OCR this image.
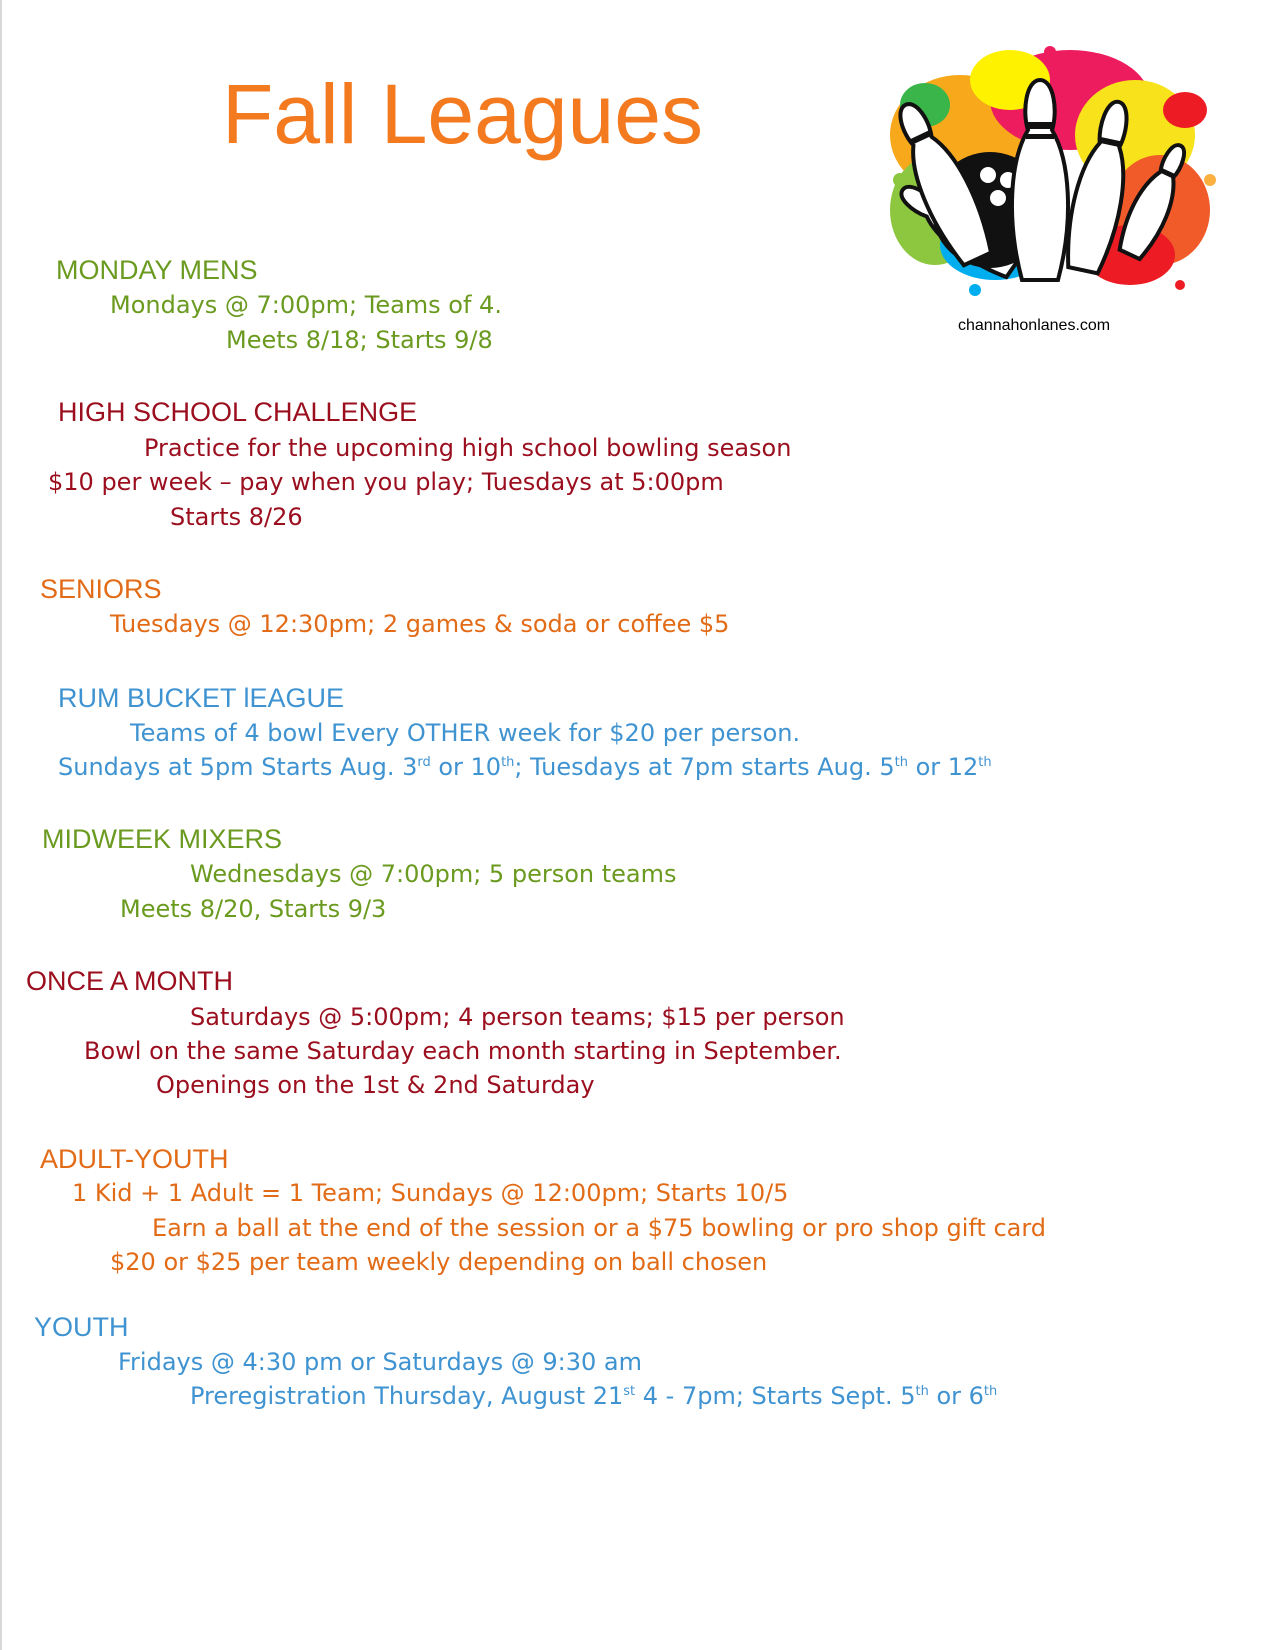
Fall Leagues
channahonlanes.com
MONDAY MENS
Mondays @ 7:00pm; Teams of 4.
Meets 8/18; Starts 9/8
HIGH SCHOOL CHALLENGE
Practice for the upcoming high school bowling season
$10 per week – pay when you play; Tuesdays at 5:00pm
Starts 8/26
SENIORS
Tuesdays @ 12:30pm; 2 games & soda or coffee $5
RUM BUCKET lEAGUE
Teams of 4 bowl Every OTHER week for $20 per person.
Sundays at 5pm Starts Aug. 3rd or 10th; Tuesdays at 7pm starts Aug. 5th or 12th
MIDWEEK MIXERS
Wednesdays @ 7:00pm; 5 person teams
Meets 8/20, Starts 9/3
ONCE A MONTH
Saturdays @ 5:00pm; 4 person teams; $15 per person
Bowl on the same Saturday each month starting in September.
Openings on the 1st & 2nd Saturday
ADULT-YOUTH
1 Kid + 1 Adult = 1 Team; Sundays @ 12:00pm; Starts 10/5
Earn a ball at the end of the session or a $75 bowling or pro shop gift card
$20 or $25 per team weekly depending on ball chosen
YOUTH
Fridays @ 4:30 pm or Saturdays @ 9:30 am
Preregistration Thursday, August 21st 4 - 7pm; Starts Sept. 5th or 6th
